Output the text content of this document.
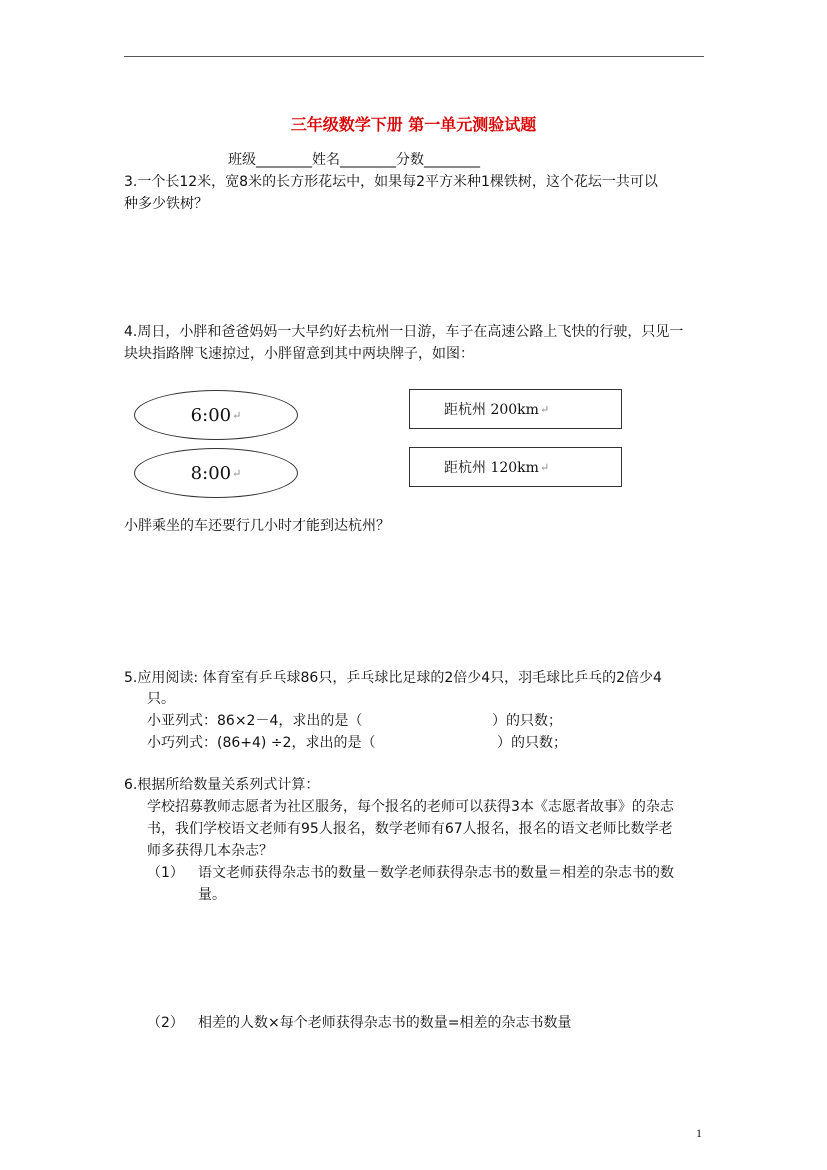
三年级数学下册 第一单元测验试题
班级________姓名________分数________
3.一个长12米，宽8米的长方形花坛中，如果每2平方米种1棵铁树，这个花坛一共可以
种多少铁树？
4.周日，小胖和爸爸妈妈一大早约好去杭州一日游，车子在高速公路上飞快的行驶，只见一
块块指路牌飞速掠过，小胖留意到其中两块牌子，如图：
6:00 ↵
8:00 ↵
距杭州 200km ↵
距杭州 120km ↵
小胖乘坐的车还要行几小时才能到达杭州？
5.应用阅读: 体育室有乒乓球86只，乒乓球比足球的2倍少4只，羽毛球比乒乓的2倍少4
只。
小亚列式：86×2－4，求出的是（	）的只数；
小巧列式：(86+4) ÷2，求出的是（	）的只数；
6.根据所给数量关系列式计算：
学校招募教师志愿者为社区服务，每个报名的老师可以获得3本《志愿者故事》的杂志
书，我们学校语文老师有95人报名，数学老师有67人报名，报名的语文老师比数学老
师多获得几本杂志？
（1） 语文老师获得杂志书的数量－数学老师获得杂志书的数量＝相差的杂志书的数
量。
（2） 相差的人数×每个老师获得杂志书的数量=相差的杂志书数量
1
